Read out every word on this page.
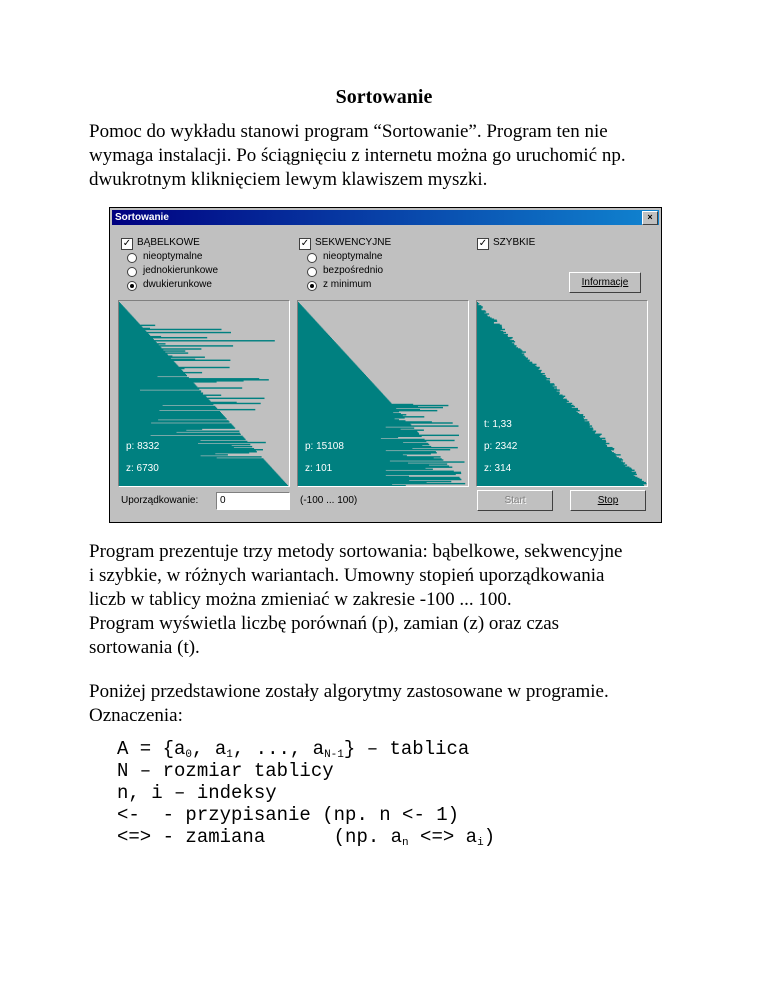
Sortowanie
Pomoc do wykładu stanowi program “Sortowanie”. Program ten nie
wymaga instalacji. Po ściągnięciu z internetu można go uruchomić np.
dwukrotnym kliknięciem lewym klawiszem myszki.
Sortowanie	×
✓ BĄBELKOWE
nieoptymalne
jednokierunkowe
dwukierunkowe
✓ SEKWENCYJNE
nieoptymalne
bezpośrednio
z minimum
✓ SZYBKIE
Informacje
p: 8332
z: 6730
p: 15108
z: 101
t: 1,33
p: 2342
z: 314
Uporządkowanie:	0	(-100 ... 100)	Start	Stop
Program prezentuje trzy metody sortowania: bąbelkowe, sekwencyjne
i szybkie, w różnych wariantach. Umowny stopień uporządkowania
liczb w tablicy można zmieniać w zakresie -100 ... 100.
Program wyświetla liczbę porównań (p), zamian (z) oraz czas
sortowania (t).
Poniżej przedstawione zostały algorytmy zastosowane w programie.
Oznaczenia:
$A = \{a_0$, $a_1$, ..., $a_{N-1}$} – tablica
N – rozmiar tablicy
n, i – indeksy
<-  - przypisanie (np. n <- 1)
<=> - zamiana      (np. $a_n$ <=> $a_i$)
